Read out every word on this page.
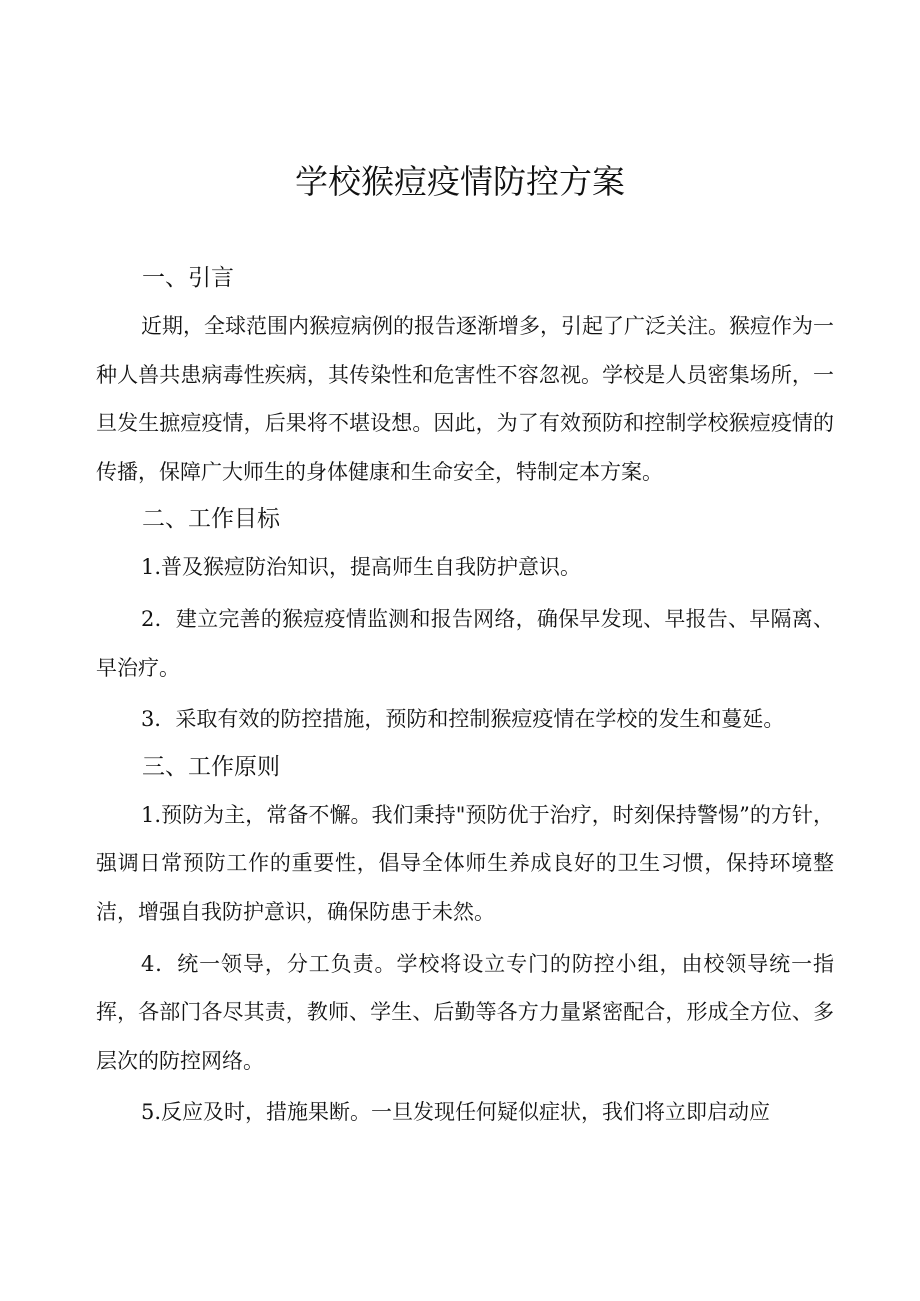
学校猴痘疫情防控方案
一、引言

近期，全球范围内猴痘病例的报告逐渐增多，引起了广泛关注。猴痘作为一种人兽共患病毒性疾病，其传染性和危害性不容忽视。学校是人员密集场所，一旦发生摭痘疫情，后果将不堪设想。因此，为了有效预防和控制学校猴痘疫情的传播，保障广大师生的身体健康和生命安全，特制定本方案。

二、工作目标

1.普及猴痘防治知识，提高师生自我防护意识。

2．建立完善的猴痘疫情监测和报告网络，确保早发现、早报告、早隔离、早治疗。

3．采取有效的防控措施，预防和控制猴痘疫情在学校的发生和蔓延。

三、工作原则

1.预防为主，常备不懈。我们秉持"预防优于治疗，时刻保持警惕”的方针，强调日常预防工作的重要性，倡导全体师生养成良好的卫生习惯，保持环境整洁，增强自我防护意识，确保防患于未然。

4．统一领导，分工负责。学校将设立专门的防控小组，由校领导统一指挥，各部门各尽其责，教师、学生、后勤等各方力量紧密配合，形成全方位、多层次的防控网络。

5.反应及时，措施果断。一旦发现任何疑似症状，我们将立即启动应
